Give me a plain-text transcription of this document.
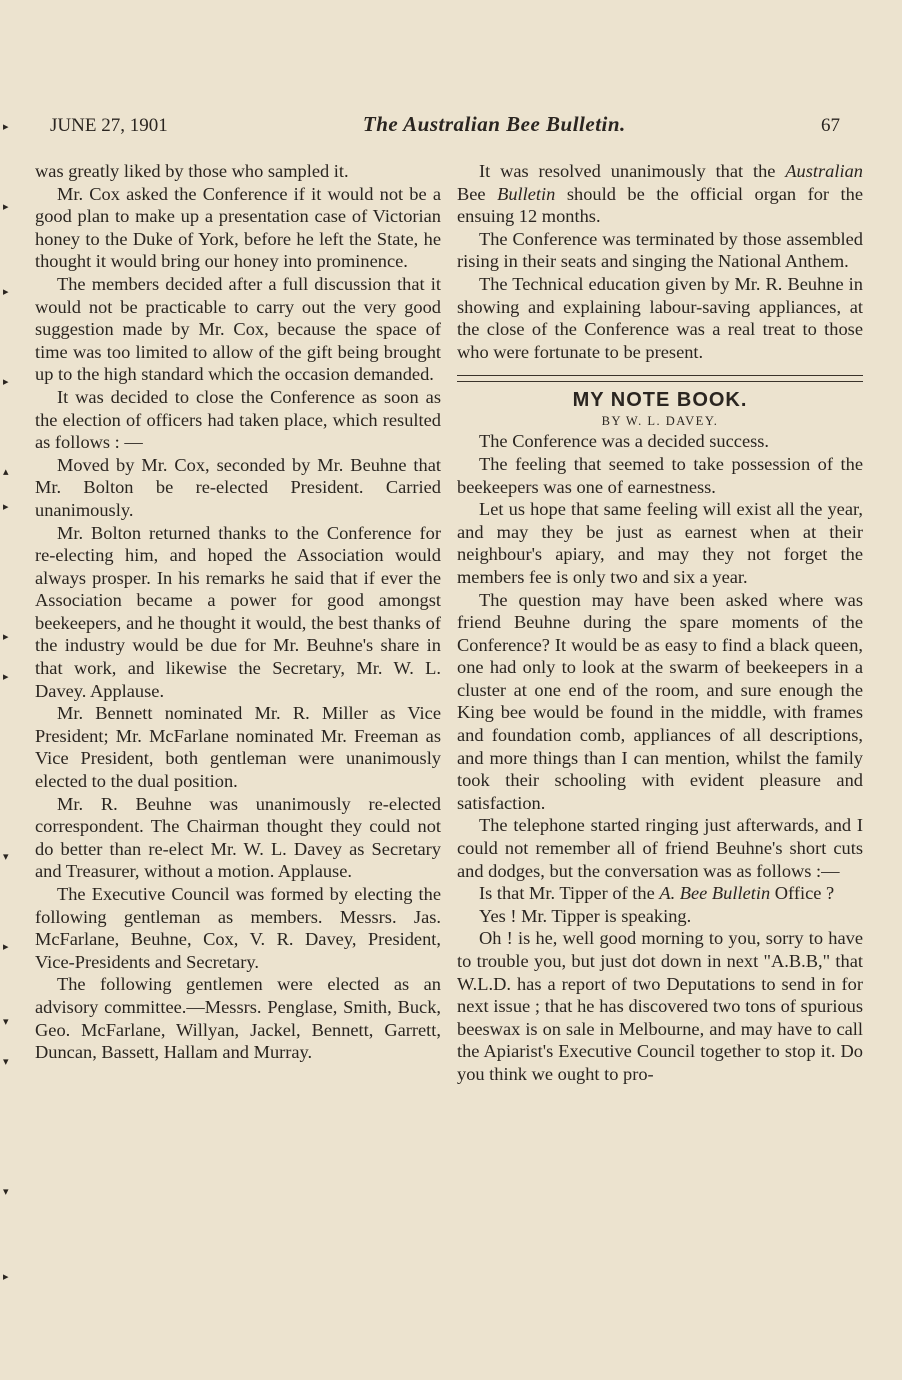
▸
▸
▸
▸
▴
▸
▸
▸
▾
▸
▾
▾
▾
▸
JUNE 27, 1901	The Australian Bee Bulletin.	67

was greatly liked by those who sampled it.

Mr. Cox asked the Conference if it would not be a good plan to make up a presentation case of Victorian honey to the Duke of York, before he left the State, he thought it would bring our honey into prominence.

The members decided after a full discussion that it would not be practicable to carry out the very good suggestion made by Mr. Cox, because the space of time was too limited to allow of the gift being brought up to the high standard which the occasion demanded.

It was decided to close the Conference as soon as the election of officers had taken place, which resulted as follows : —

Moved by Mr. Cox, seconded by Mr. Beuhne that Mr. Bolton be re-elected President. Carried unanimously.

Mr. Bolton returned thanks to the Conference for re-electing him, and hoped the Association would always prosper. In his remarks he said that if ever the Association became a power for good amongst beekeepers, and he thought it would, the best thanks of the industry would be due for Mr. Beuhne's share in that work, and likewise the Secretary, Mr. W. L. Davey. Applause.

Mr. Bennett nominated Mr. R. Miller as Vice President; Mr. McFarlane nominated Mr. Freeman as Vice President, both gentleman were unanimously elected to the dual position.

Mr. R. Beuhne was unanimously re-elected correspondent. The Chairman thought they could not do better than re-elect Mr. W. L. Davey as Secretary and Treasurer, without a motion. Applause.

The Executive Council was formed by electing the following gentleman as members. Messrs. Jas. McFarlane, Beuhne, Cox, V. R. Davey, President, Vice-Presidents and Secretary.

The following gentlemen were elected as an advisory committee.—Messrs. Penglase, Smith, Buck, Geo. McFarlane, Willyan, Jackel, Bennett, Garrett, Duncan, Bassett, Hallam and Murray.

It was resolved unanimously that the Australian Bee Bulletin should be the official organ for the ensuing 12 months.

The Conference was terminated by those assembled rising in their seats and singing the National Anthem.

The Technical education given by Mr. R. Beuhne in showing and explaining labour-saving appliances, at the close of the Conference was a real treat to those who were fortunate to be present.

MY NOTE BOOK.
BY W. L. DAVEY.

The Conference was a decided success.

The feeling that seemed to take possession of the beekeepers was one of earnestness.

Let us hope that same feeling will exist all the year, and may they be just as earnest when at their neighbour's apiary, and may they not forget the members fee is only two and six a year.

The question may have been asked where was friend Beuhne during the spare moments of the Conference? It would be as easy to find a black queen, one had only to look at the swarm of beekeepers in a cluster at one end of the room, and sure enough the King bee would be found in the middle, with frames and foundation comb, appliances of all descriptions, and more things than I can mention, whilst the family took their schooling with evident pleasure and satisfaction.

The telephone started ringing just afterwards, and I could not remember all of friend Beuhne's short cuts and dodges, but the conversation was as follows :—

Is that Mr. Tipper of the A. Bee Bulletin Office ?

Yes ! Mr. Tipper is speaking.

Oh ! is he, well good morning to you, sorry to have to trouble you, but just dot down in next "A.B.B," that W.L.D. has a report of two Deputations to send in for next issue ; that he has discovered two tons of spurious beeswax is on sale in Melbourne, and may have to call the Apiarist's Executive Council together to stop it. Do you think we ought to pro-
